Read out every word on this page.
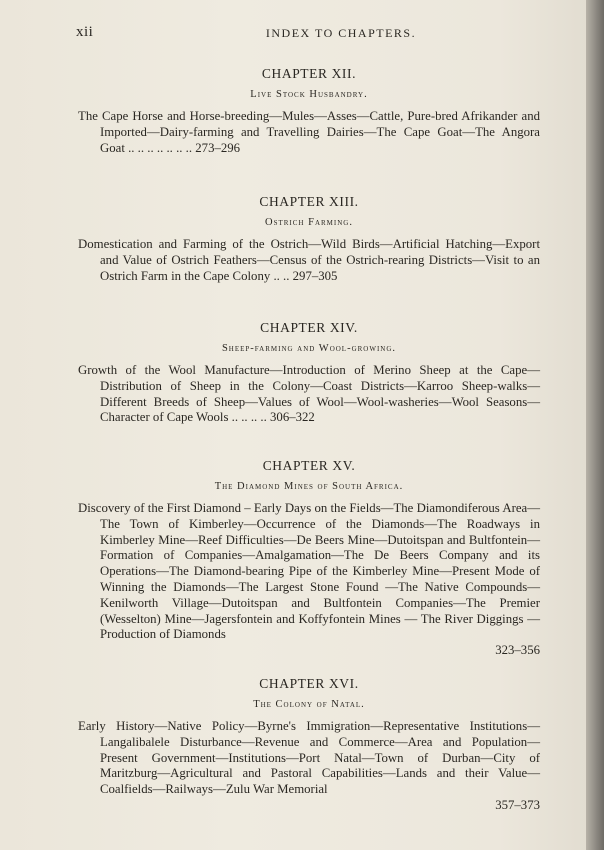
xii	INDEX TO CHAPTERS.

CHAPTER XII.

Live Stock Husbandry.

The Cape Horse and Horse-breeding—Mules—Asses—Cattle, Pure-bred Afrikander and Imported—Dairy-farming and Travelling Dairies—The Cape Goat—The Angora Goat .. .. .. .. .. .. .. 273–296

CHAPTER XIII.

Ostrich Farming.

Domestication and Farming of the Ostrich—Wild Birds—Artificial Hatching—Export and Value of Ostrich Feathers—Census of the Ostrich-rearing Districts—Visit to an Ostrich Farm in the Cape Colony .. .. 297–305

CHAPTER XIV.

Sheep-farming and Wool-growing.

Growth of the Wool Manufacture—Introduction of Merino Sheep at the Cape—Distribution of Sheep in the Colony—Coast Districts—Karroo Sheep-walks—Different Breeds of Sheep—Values of Wool—Wool-washeries—Wool Seasons—Character of Cape Wools .. .. .. .. 306–322

CHAPTER XV.

The Diamond Mines of South Africa.

Discovery of the First Diamond – Early Days on the Fields—The Diamondiferous Area—The Town of Kimberley—Occurrence of the Diamonds—The Roadways in Kimberley Mine—Reef Difficulties—De Beers Mine—Dutoitspan and Bultfontein—Formation of Companies—Amalgamation—The De Beers Company and its Operations—The Diamond-bearing Pipe of the Kimberley Mine—Present Mode of Winning the Diamonds—The Largest Stone Found —The Native Compounds—Kenilworth Village—Dutoitspan and Bultfontein Companies—The Premier (Wesselton) Mine—Jagersfontein and Koffyfontein Mines — The River Diggings — Production of Diamonds

323–356

CHAPTER XVI.

The Colony of Natal.

Early History—Native Policy—Byrne's Immigration—Representative Institutions—Langalibalele Disturbance—Revenue and Commerce—Area and Population—Present Government—Institutions—Port Natal—Town of Durban—City of Maritzburg—Agricultural and Pastoral Capabilities—Lands and their Value—Coalfields—Railways—Zulu War Memorial

357–373
